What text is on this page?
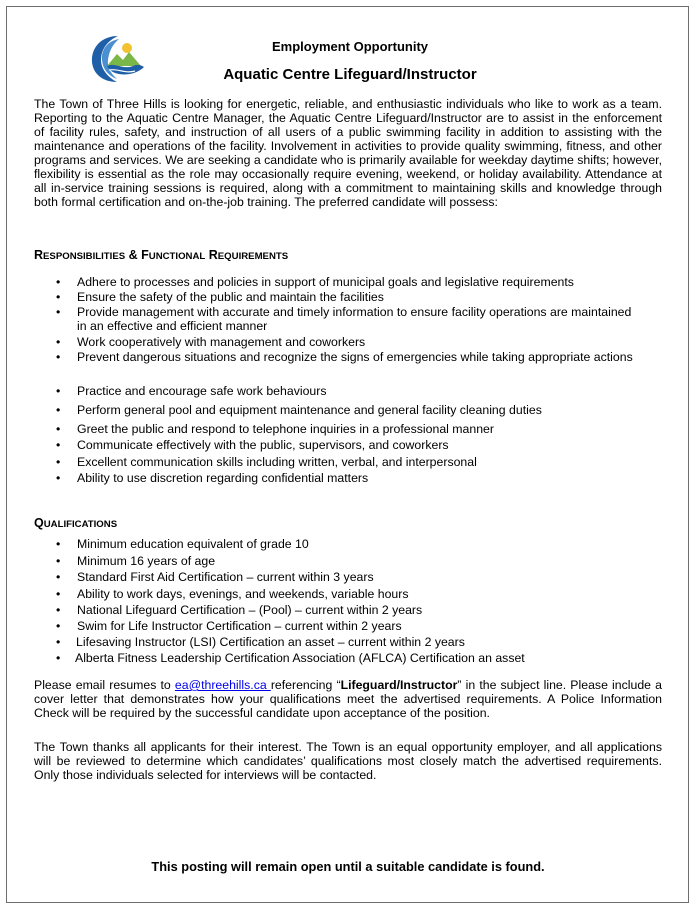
Employment Opportunity
Aquatic Centre Lifeguard/Instructor

The Town of Three Hills is looking for energetic, reliable, and enthusiastic individuals who like to work as a team. Reporting to the Aquatic Centre Manager, the Aquatic Centre Lifeguard/Instructor are to assist in the enforcement of facility rules, safety, and instruction of all users of a public swimming facility in addition to assisting with the maintenance and operations of the facility. Involvement in activities to provide quality swimming, fitness, and other programs and services. We are seeking a candidate who is primarily available for weekday daytime shifts; however, flexibility is essential as the role may occasionally require evening, weekend, or holiday availability. Attendance at all in-service training sessions is required, along with a commitment to maintaining skills and knowledge through both formal certification and on-the-job training. The preferred candidate will possess:

RESPONSIBILITIES & FUNCTIONAL REQUIREMENTS
•	Adhere to processes and policies in support of municipal goals and legislative requirements
•	Ensure the safety of the public and maintain the facilities
•	Provide management with accurate and timely information to ensure facility operations are maintained in an effective and efficient manner
•	Work cooperatively with management and coworkers
•	Prevent dangerous situations and recognize the signs of emergencies while taking appropriate actions
•	Practice and encourage safe work behaviours
•	Perform general pool and equipment maintenance and general facility cleaning duties
•	Greet the public and respond to telephone inquiries in a professional manner
•	Communicate effectively with the public, supervisors, and coworkers
•	Excellent communication skills including written, verbal, and interpersonal
•	Ability to use discretion regarding confidential matters
QUALIFICATIONS
•	Minimum education equivalent of grade 10
•	Minimum 16 years of age
•	Standard First Aid Certification – current within 3 years
•	Ability to work days, evenings, and weekends, variable hours
•	National Lifeguard Certification – (Pool) – current within 2 years
•	Swim for Life Instructor Certification – current within 2 years
•	Lifesaving Instructor (LSI) Certification an asset – current within 2 years
•	Alberta Fitness Leadership Certification Association (AFLCA) Certification an asset

Please email resumes to ea@threehills.ca referencing “Lifeguard/Instructor” in the subject line. Please include a cover letter that demonstrates how your qualifications meet the advertised requirements. A Police Information Check will be required by the successful candidate upon acceptance of the position.

The Town thanks all applicants for their interest. The Town is an equal opportunity employer, and all applications will be reviewed to determine which candidates’ qualifications most closely match the advertised requirements. Only those individuals selected for interviews will be contacted.

This posting will remain open until a suitable candidate is found.
